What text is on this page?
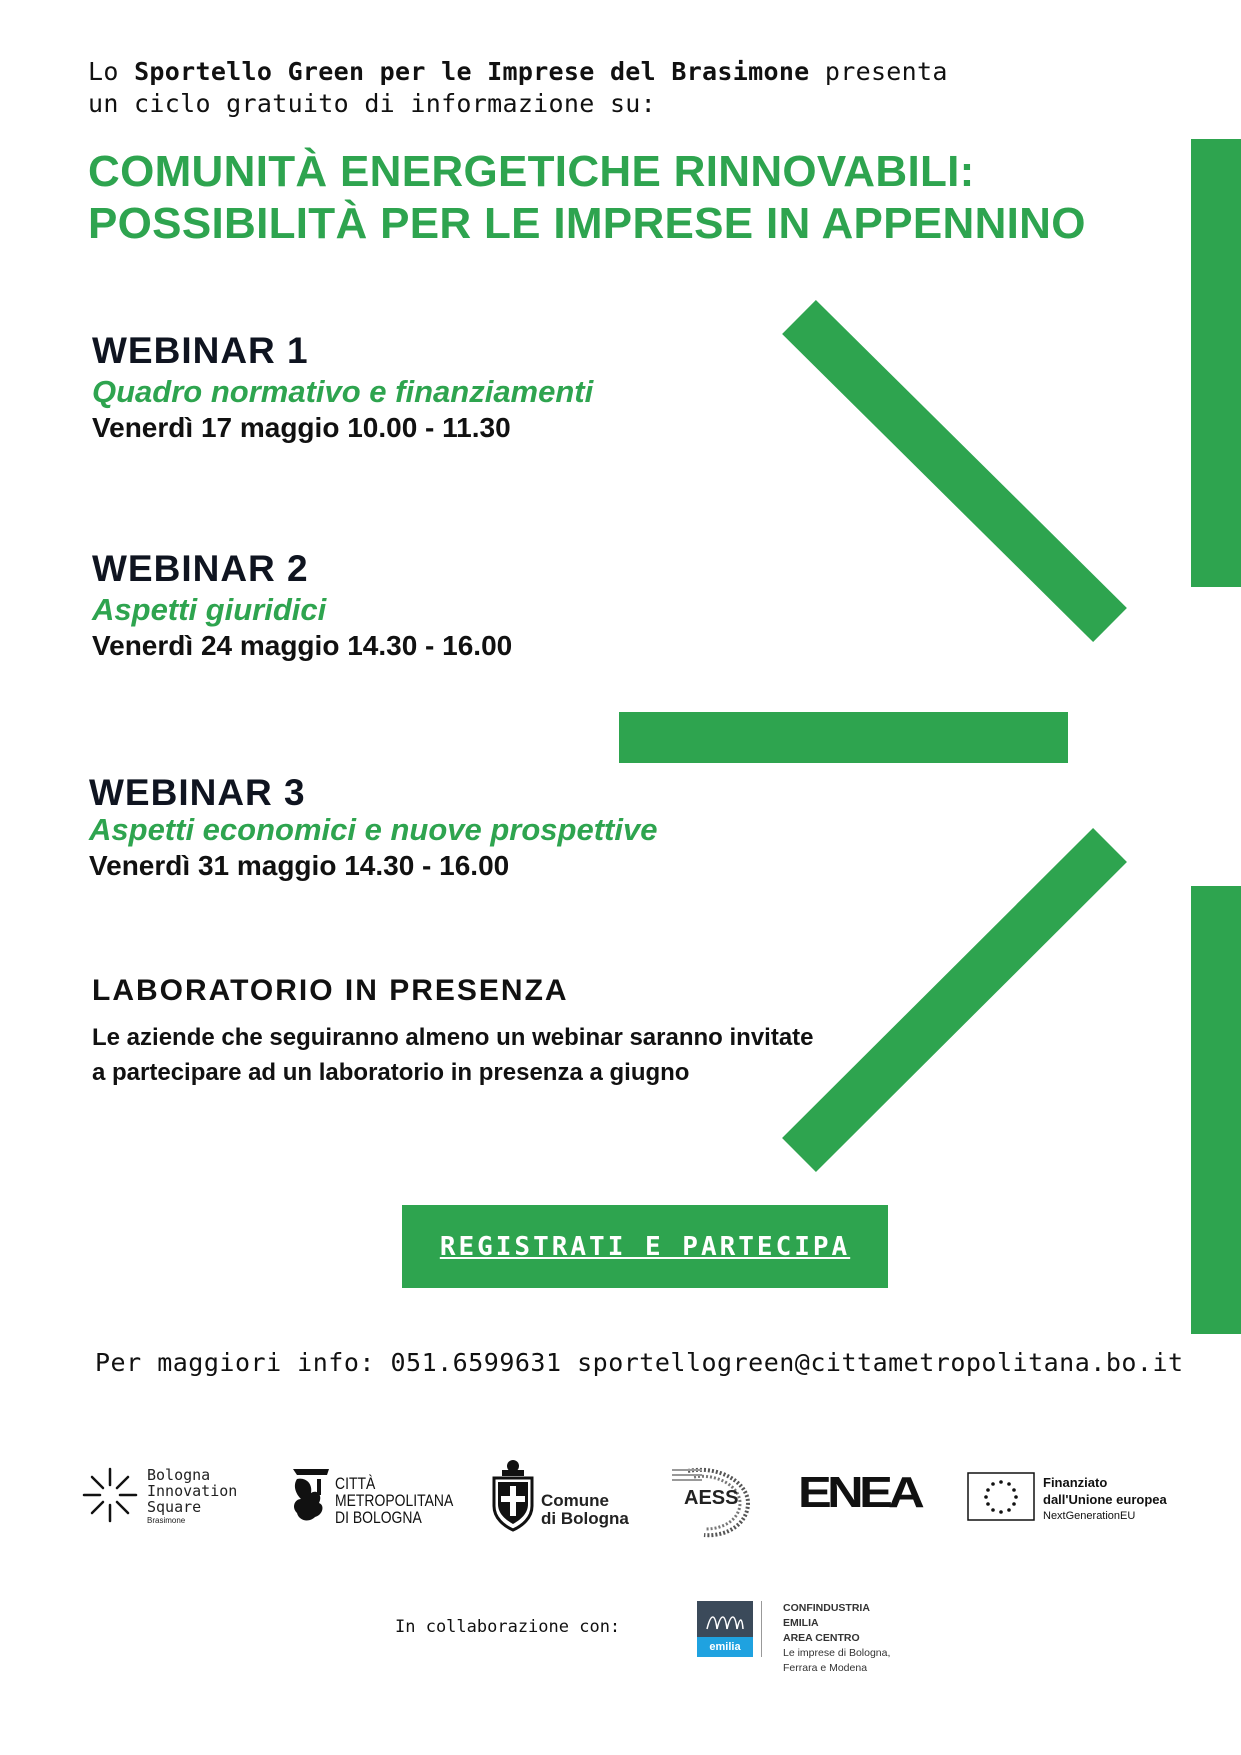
Lo Sportello Green per le Imprese del Brasimone presenta
un ciclo gratuito di informazione su:
COMUNITÀ ENERGETICHE RINNOVABILI:
POSSIBILITÀ PER LE IMPRESE IN APPENNINO
WEBINAR 1
Quadro normativo e finanziamenti
Venerdì 17 maggio 10.00 - 11.30
WEBINAR 2
Aspetti giuridici
Venerdì 24 maggio 14.30 - 16.00
WEBINAR 3
Aspetti economici e nuove prospettive
Venerdì 31 maggio 14.30 - 16.00
LABORATORIO IN PRESENZA
Le aziende che seguiranno almeno un webinar saranno invitate
a partecipare ad un laboratorio in presenza a giugno
REGISTRATI E PARTECIPA
Per maggiori info: 051.6599631 sportellogreen@cittametropolitana.bo.it
Bologna
Innovation
Square
Brasimone
CITTÀ
METROPOLITANA
DI BOLOGNA
Comune
di Bologna
AESS ENEA	Finanziato
dall'Unione europea
NextGenerationEU
In collaborazione con:
emilia
CONFINDUSTRIA EMILIA
AREA CENTRO
Le imprese di Bologna,
Ferrara e Modena
